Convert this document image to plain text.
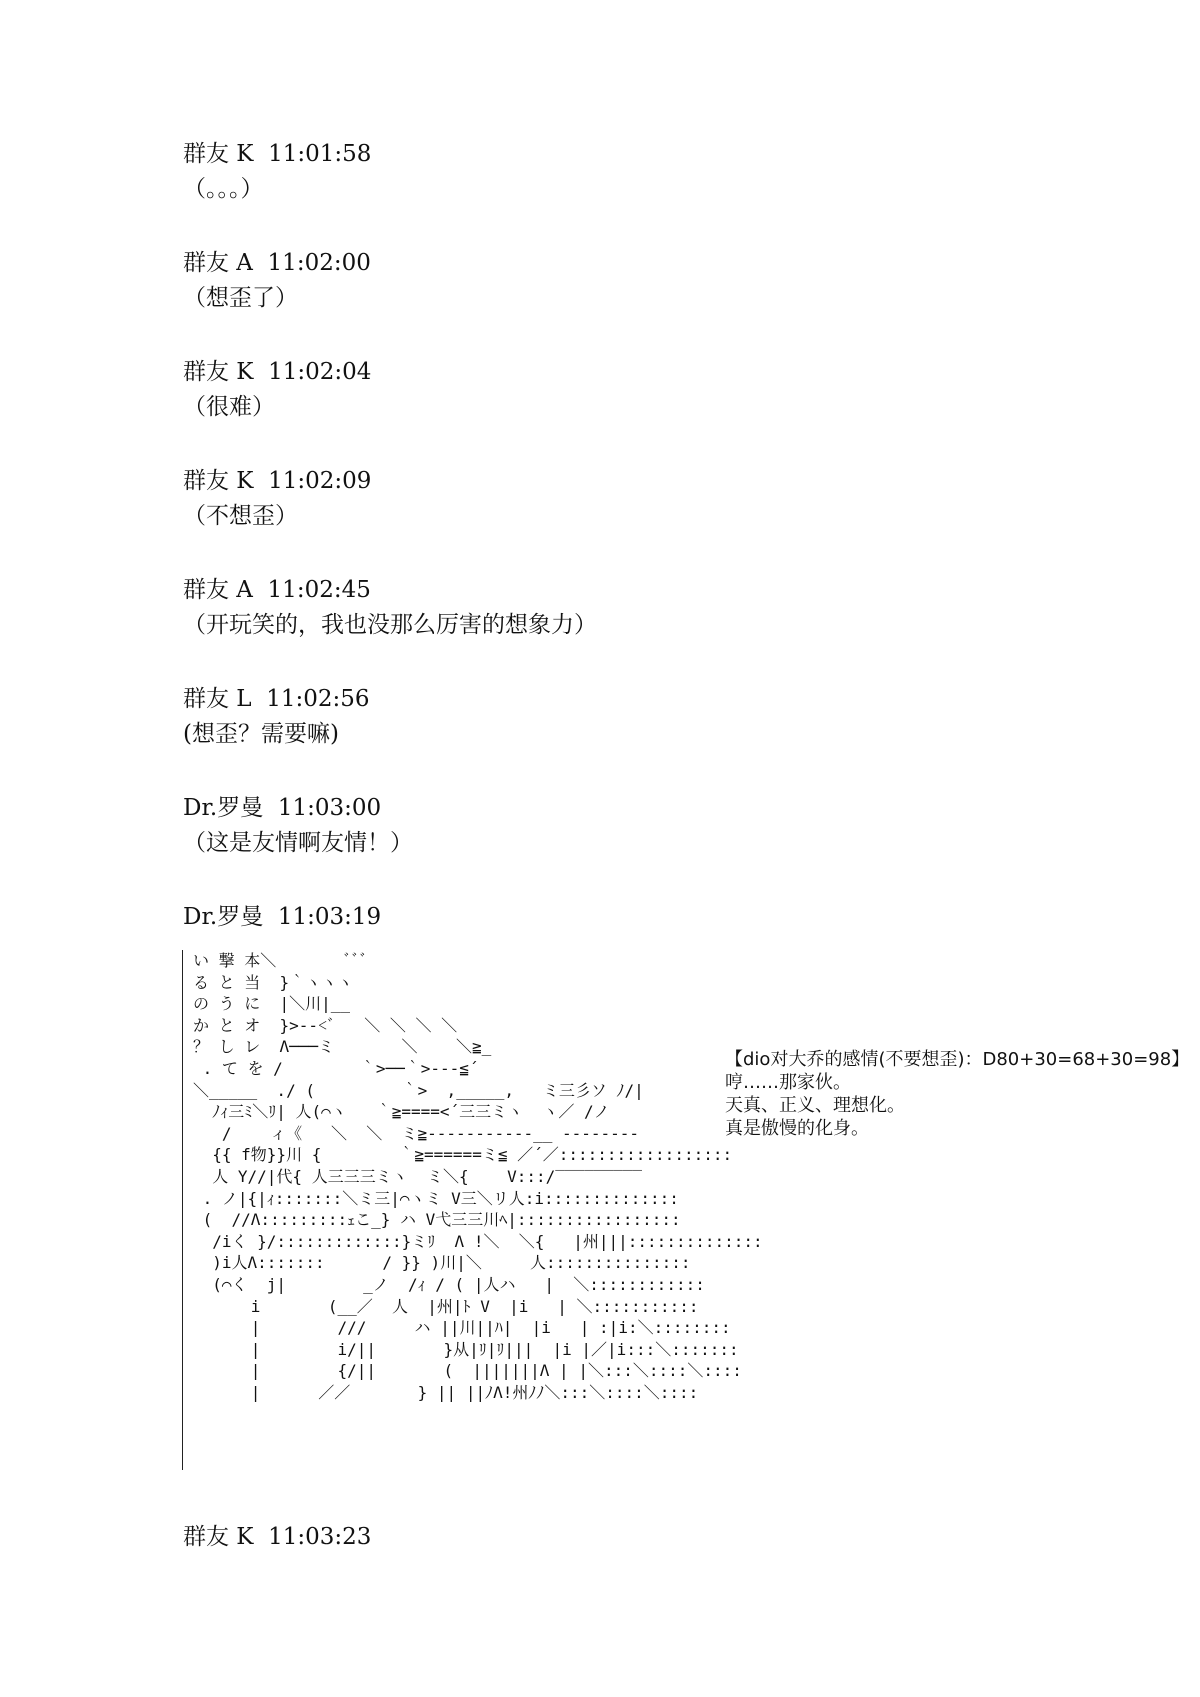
群友 K 11:01:58
（。。。）
群友 A 11:02:00
（想歪了）
群友 K 11:02:04
（很难）
群友 K 11:02:09
（不想歪）
群友 A 11:02:45
（开玩笑的，我也没那么厉害的想象力）
群友 L 11:02:56
(想歪？需要嘛)
Dr.罗曼 11:03:00
（这是友情啊友情！）
Dr.罗曼 11:03:19
い 撃 本＼       ﾞﾞﾞ
る と 当  }｀ヽヽヽ
の う に  |＼川|__
か と オ  }>--<ﾞ   ＼ ＼ ＼ ＼
？ し レ  Λ───ミ       ＼    ＼≧_
. て を /        ｀>──｀>---≦´
＼_____  ./ (         ｀>  ,_____,   ミ三彡ソ ﾉ/|
ﾉｨ三ﾐ＼ﾘ| 人(⌒ヽ   ｀≧====<´三三ミヽ  ヽ／ /ノ
/    ィ《   ＼  ＼  ミ≧-----------__ --------
{{ f物}}川 {        ｀≧======ミ≦ ／´／::::::::::::::::::
人 Y//|代{ 人三三三ミヽ  ミ＼{    V:::/‾‾‾‾‾‾‾‾‾
. ノ|{|ｨ:::::::＼ミ三|⌒ヽミ V三＼リ人:i::::::::::::::
(  //Λ:::::::::ｪこ_} ハ V弋三三川ﾍ|:::::::::::::::::
/iく }/:::::::::::::}ミﾘ  Λ !＼  ＼{   |州|||::::::::::::::
)i人Λ:::::::      / }} )川|＼     人:::::::::::::::
(⌒く  j|        _ノ  /ｨ / ( |人ハ   |  ＼::::::::::::
i       (__／  人  |州|ﾄ V  |i   | ＼:::::::::::
|        ///     ハ ||川||ﾊ|  |i   | :|i:＼::::::::
|        i/||       }从|ﾘ|ﾘ|||  |i |／|i:::＼:::::::
|        {/||       (  |||||||Λ | |＼:::＼::::＼::::
|      ／／       } || ||ﾉΛ!州ﾉﾉ＼:::＼::::＼::::
【dio对大乔的感情(不要想歪)：D80+30=68+30=98】
哼……那家伙。
天真、正义、理想化。
真是傲慢的化身。
群友 K 11:03:23
